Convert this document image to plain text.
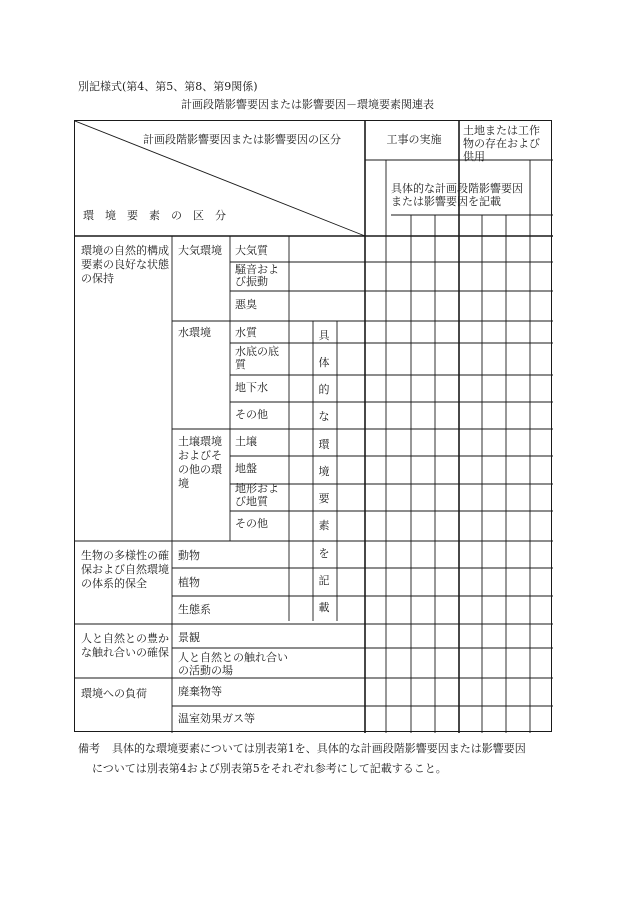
別記様式(第4、第5、第8、第9関係)
計画段階影響要因または影響要因－環境要素関連表
計画段階影響要因または影響要因の区分
環　境　要　素　の　区　分
工事の実施
土地または工作物の存在および供用
具体的な計画段階影響要因または影響要因を記載
環境の自然的構成要素の良好な状態の保持
生物の多様性の確保および自然環境の体系的保全
人と自然との豊かな触れ合いの確保
環境への負荷
大気環境
水環境
土壌環境およびその他の環境
大気質
騒音および振動
悪臭
水質
水底の底質
地下水
その他
土壌
地盤
地形および地質
その他
動物
植物
生態系
景観
人と自然との触れ合いの活動の場
廃棄物等
温室効果ガス等
具
体
的
な
環
境
要
素
を
記
載
備考 具体的な環境要素については別表第1を、具体的な計画段階影響要因または影響要因
については別表第4および別表第5をそれぞれ参考にして記載すること。
